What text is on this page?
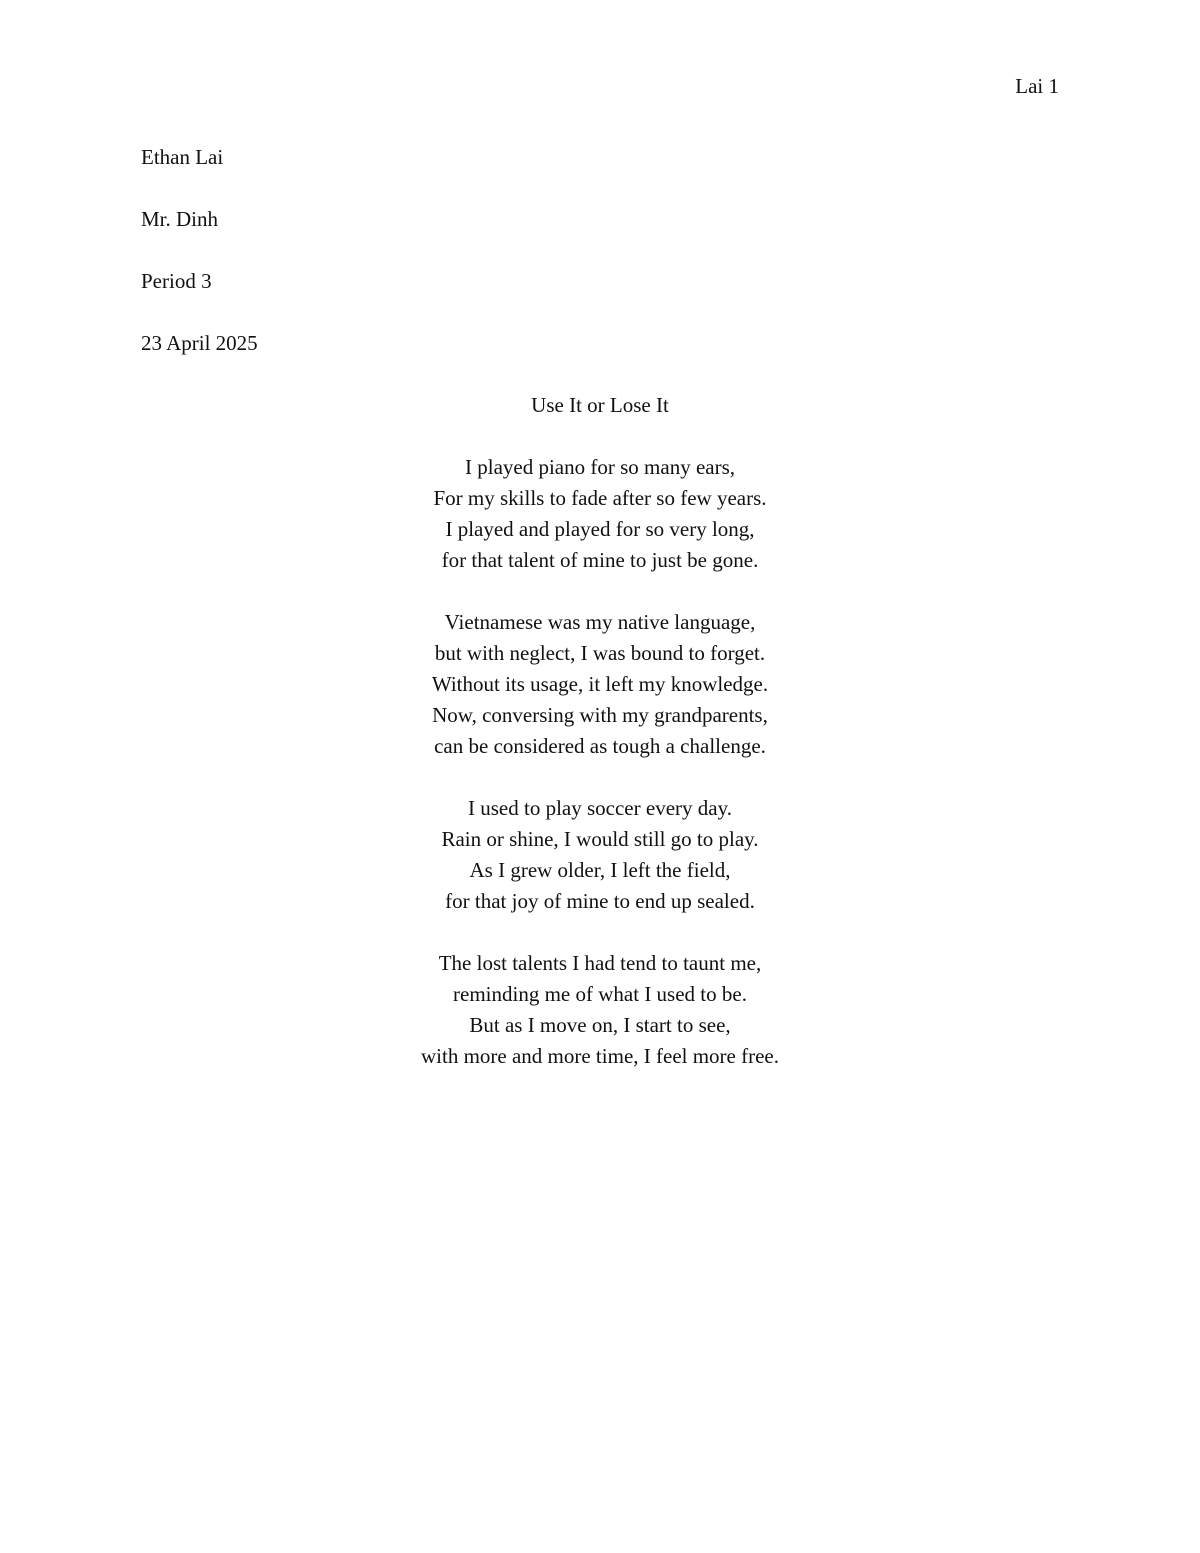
Lai 1
Ethan Lai
Mr. Dinh
Period 3
23 April 2025
Use It or Lose It
I played piano for so many ears,
For my skills to fade after so few years.
I played and played for so very long,
for that talent of mine to just be gone.
Vietnamese was my native language,
but with neglect, I was bound to forget.
Without its usage, it left my knowledge.
Now, conversing with my grandparents,
can be considered as tough a challenge.
I used to play soccer every day.
Rain or shine, I would still go to play.
As I grew older, I left the field,
for that joy of mine to end up sealed.
The lost talents I had tend to taunt me,
reminding me of what I used to be.
But as I move on, I start to see,
with more and more time, I feel more free.
